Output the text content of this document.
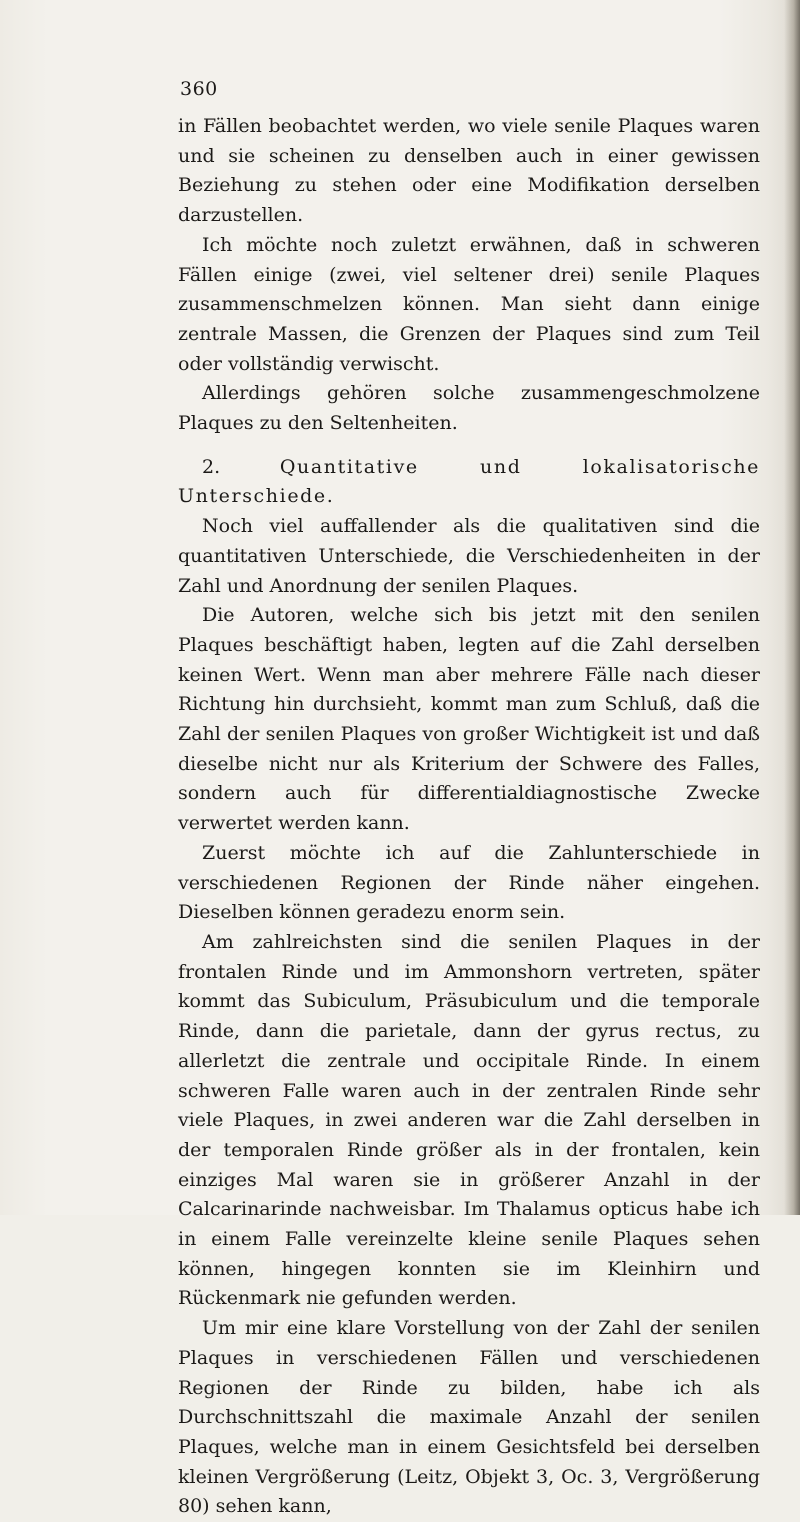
360

in Fällen beobachtet werden, wo viele senile Plaques waren und sie scheinen zu denselben auch in einer gewissen Beziehung zu stehen oder eine Modifikation derselben darzustellen.

Ich möchte noch zuletzt erwähnen, daß in schweren Fällen einige (zwei, viel seltener drei) senile Plaques zusammenschmelzen können. Man sieht dann einige zentrale Massen, die Grenzen der Plaques sind zum Teil oder vollständig verwischt.

Allerdings gehören solche zusammengeschmolzene Plaques zu den Seltenheiten.

2.	Quantitative und lokalisatorische Unterschiede.

Noch viel auffallender als die qualitativen sind die quantitativen Unterschiede, die Verschiedenheiten in der Zahl und Anordnung der senilen Plaques.

Die Autoren, welche sich bis jetzt mit den senilen Plaques beschäftigt haben, legten auf die Zahl derselben keinen Wert. Wenn man aber mehrere Fälle nach dieser Richtung hin durchsieht, kommt man zum Schluß, daß die Zahl der senilen Plaques von großer Wichtigkeit ist und daß dieselbe nicht nur als Kriterium der Schwere des Falles, sondern auch für differentialdiagnostische Zwecke verwertet werden kann.

Zuerst möchte ich auf die Zahlunterschiede in verschiedenen Regionen der Rinde näher eingehen. Dieselben können geradezu enorm sein.

Am zahlreichsten sind die senilen Plaques in der frontalen Rinde und im Ammonshorn vertreten, später kommt das Subiculum, Präsubiculum und die temporale Rinde, dann die parietale, dann der gyrus rectus, zu allerletzt die zentrale und occipitale Rinde. In einem schweren Falle waren auch in der zentralen Rinde sehr viele Plaques, in zwei anderen war die Zahl derselben in der temporalen Rinde größer als in der frontalen, kein einziges Mal waren sie in größerer Anzahl in der Calcarinarinde nachweisbar. Im Thalamus opticus habe ich in einem Falle vereinzelte kleine senile Plaques sehen können, hingegen konnten sie im Kleinhirn und Rückenmark nie gefunden werden.

Um mir eine klare Vorstellung von der Zahl der senilen Plaques in verschiedenen Fällen und verschiedenen Regionen der Rinde zu bilden, habe ich als Durchschnittszahl die maximale Anzahl der senilen Plaques, welche man in einem Gesichtsfeld bei derselben kleinen Vergrößerung (Leitz, Objekt 3, Oc. 3, Vergrößerung 80) sehen kann,
